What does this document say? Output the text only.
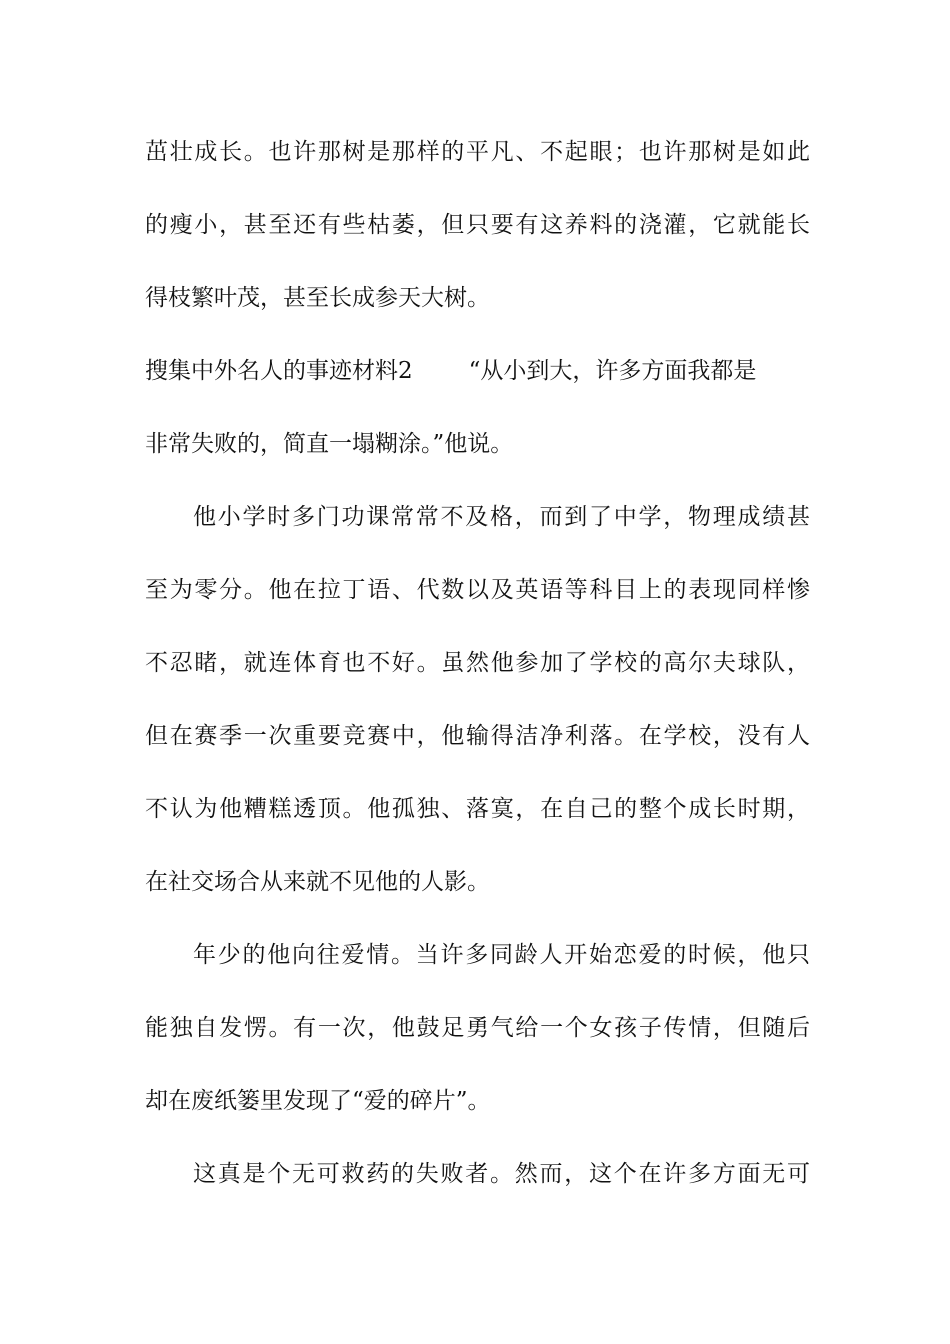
茁壮成长。也许那树是那样的平凡、不起眼；也许那树是如此
的瘦小，甚至还有些枯萎，但只要有这养料的浇灌，它就能长
得枝繁叶茂，甚至长成参天大树。
搜集中外名人的事迹材料2 “从小到大，许多方面我都是
非常失败的，简直一塌糊涂。”他说。
他小学时多门功课常常不及格，而到了中学，物理成绩甚
至为零分。他在拉丁语、代数以及英语等科目上的表现同样惨
不忍睹，就连体育也不好。虽然他参加了学校的高尔夫球队，
但在赛季一次重要竞赛中，他输得洁净利落。在学校，没有人
不认为他糟糕透顶。他孤独、落寞，在自己的整个成长时期，
在社交场合从来就不见他的人影。
年少的他向往爱情。当许多同龄人开始恋爱的时候，他只
能独自发愣。有一次，他鼓足勇气给一个女孩子传情，但随后
却在废纸篓里发现了“爱的碎片”。
这真是个无可救药的失败者。然而，这个在许多方面无可
